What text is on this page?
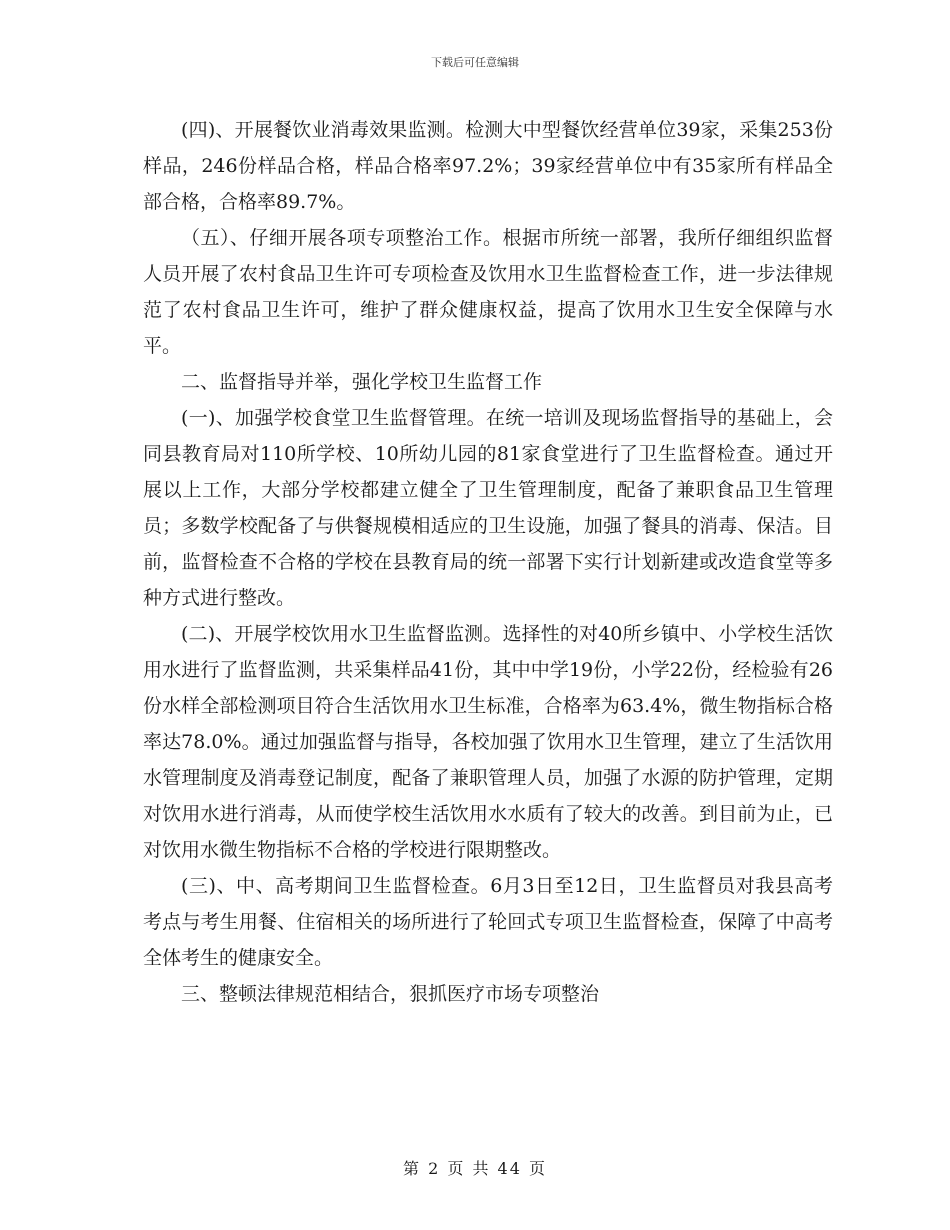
下载后可任意编辑

(四)、开展餐饮业消毒效果监测。检测大中型餐饮经营单位39家，采集253份样品，246份样品合格，样品合格率97.2%；39家经营单位中有35家所有样品全部合格，合格率89.7%。

（五）、仔细开展各项专项整治工作。根据市所统一部署，我所仔细组织监督人员开展了农村食品卫生许可专项检查及饮用水卫生监督检查工作，进一步法律规范了农村食品卫生许可，维护了群众健康权益，提高了饮用水卫生安全保障与水平。

二、监督指导并举，强化学校卫生监督工作

(一)、加强学校食堂卫生监督管理。在统一培训及现场监督指导的基础上，会同县教育局对110所学校、10所幼儿园的81家食堂进行了卫生监督检查。通过开展以上工作，大部分学校都建立健全了卫生管理制度，配备了兼职食品卫生管理员；多数学校配备了与供餐规模相适应的卫生设施，加强了餐具的消毒、保洁。目前，监督检查不合格的学校在县教育局的统一部署下实行计划新建或改造食堂等多种方式进行整改。

(二)、开展学校饮用水卫生监督监测。选择性的对40所乡镇中、小学校生活饮用水进行了监督监测，共采集样品41份，其中中学19份，小学22份，经检验有26份水样全部检测项目符合生活饮用水卫生标准，合格率为63.4%，微生物指标合格率达78.0%。通过加强监督与指导，各校加强了饮用水卫生管理，建立了生活饮用水管理制度及消毒登记制度，配备了兼职管理人员，加强了水源的防护管理，定期对饮用水进行消毒，从而使学校生活饮用水水质有了较大的改善。到目前为止，已对饮用水微生物指标不合格的学校进行限期整改。

(三)、中、高考期间卫生监督检查。6月3日至12日，卫生监督员对我县高考考点与考生用餐、住宿相关的场所进行了轮回式专项卫生监督检查，保障了中高考全体考生的健康安全。

三、整顿法律规范相结合，狠抓医疗市场专项整治

第 2 页 共 44 页
